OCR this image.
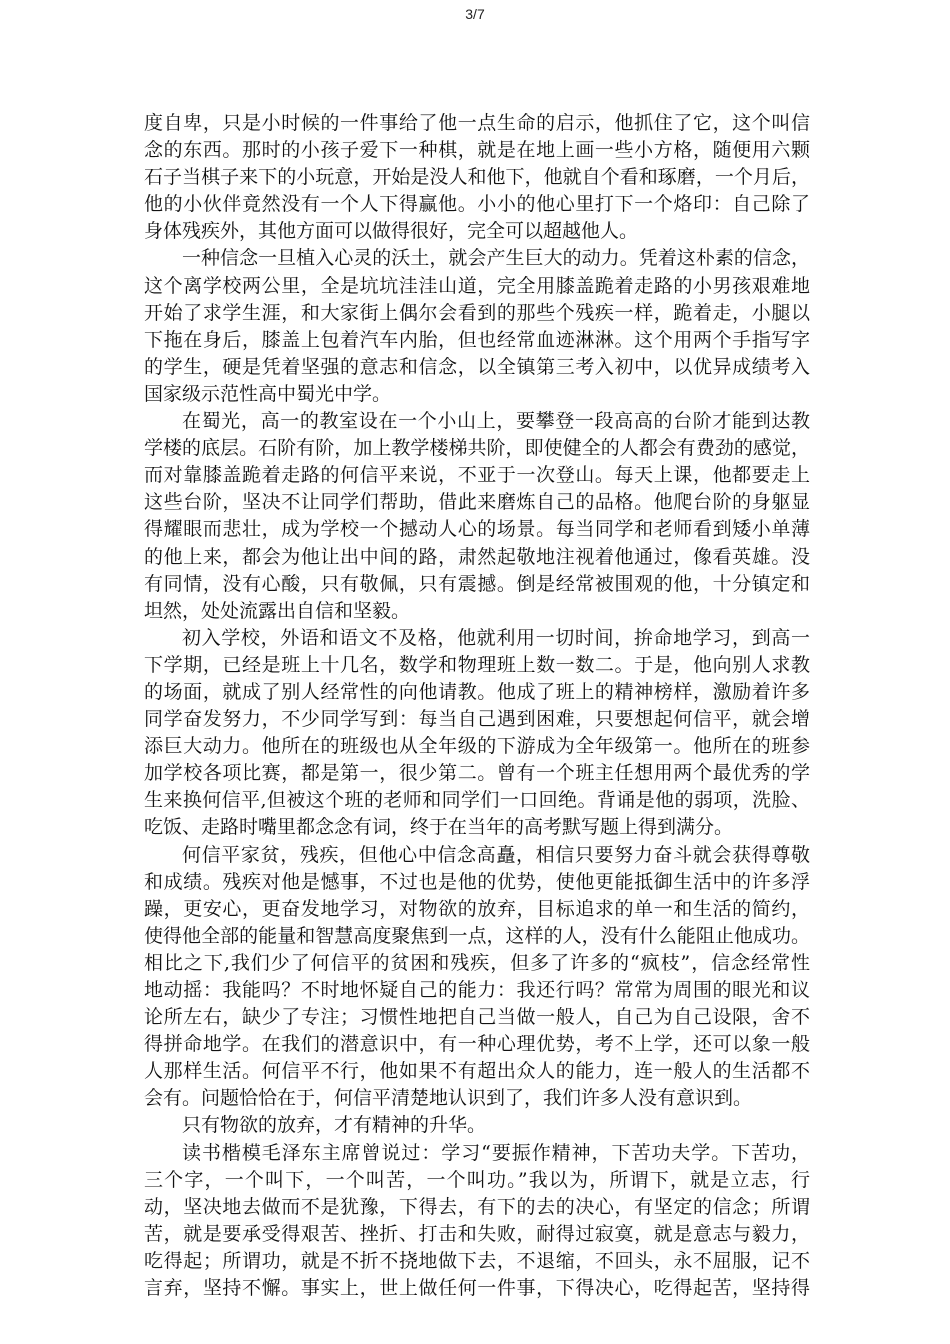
3/7
度自卑，只是小时候的一件事给了他一点生命的启示，他抓住了它，这个叫信
念的东西。那时的小孩子爱下一种棋，就是在地上画一些小方格，随便用六颗
石子当棋子来下的小玩意，开始是没人和他下，他就自个看和琢磨，一个月后，
他的小伙伴竟然没有一个人下得赢他。小小的他心里打下一个烙印：自己除了
身体残疾外，其他方面可以做得很好，完全可以超越他人。
一种信念一旦植入心灵的沃土，就会产生巨大的动力。凭着这朴素的信念，
这个离学校两公里，全是坑坑洼洼山道，完全用膝盖跪着走路的小男孩艰难地
开始了求学生涯，和大家街上偶尔会看到的那些个残疾一样，跪着走，小腿以
下拖在身后，膝盖上包着汽车内胎，但也经常血迹淋淋。这个用两个手指写字
的学生，硬是凭着坚强的意志和信念，以全镇第三考入初中，以优异成绩考入
国家级示范性高中蜀光中学。
在蜀光，高一的教室设在一个小山上，要攀登一段高高的台阶才能到达教
学楼的底层。石阶有阶，加上教学楼梯共阶，即使健全的人都会有费劲的感觉，
而对靠膝盖跪着走路的何信平来说，不亚于一次登山。每天上课，他都要走上
这些台阶，坚决不让同学们帮助，借此来磨炼自己的品格。他爬台阶的身躯显
得耀眼而悲壮，成为学校一个撼动人心的场景。每当同学和老师看到矮小单薄
的他上来，都会为他让出中间的路，肃然起敬地注视着他通过，像看英雄。没
有同情，没有心酸，只有敬佩，只有震撼。倒是经常被围观的他，十分镇定和
坦然，处处流露出自信和坚毅。
初入学校，外语和语文不及格，他就利用一切时间，拚命地学习，到高一
下学期，已经是班上十几名，数学和物理班上数一数二。于是，他向别人求教
的场面，就成了别人经常性的向他请教。他成了班上的精神榜样，激励着许多
同学奋发努力，不少同学写到：每当自己遇到困难，只要想起何信平，就会增
添巨大动力。他所在的班级也从全年级的下游成为全年级第一。他所在的班参
加学校各项比赛，都是第一，很少第二。曾有一个班主任想用两个最优秀的学
生来换何信平,但被这个班的老师和同学们一口回绝。背诵是他的弱项，洗脸、
吃饭、走路时嘴里都念念有词，终于在当年的高考默写题上得到满分。
何信平家贫，残疾，但他心中信念高矗，相信只要努力奋斗就会获得尊敬
和成绩。残疾对他是憾事，不过也是他的优势，使他更能抵御生活中的许多浮
躁，更安心，更奋发地学习，对物欲的放弃，目标追求的单一和生活的简约，
使得他全部的能量和智慧高度聚焦到一点，这样的人，没有什么能阻止他成功。
相比之下,我们少了何信平的贫困和残疾，但多了许多的“疯枝”，信念经常性
地动摇：我能吗？不时地怀疑自己的能力：我还行吗？常常为周围的眼光和议
论所左右，缺少了专注；习惯性地把自己当做一般人，自己为自己设限，舍不
得拼命地学。在我们的潜意识中，有一种心理优势，考不上学，还可以象一般
人那样生活。何信平不行，他如果不有超出众人的能力，连一般人的生活都不
会有。问题恰恰在于，何信平清楚地认识到了，我们许多人没有意识到。
只有物欲的放弃，才有精神的升华。
读书楷模毛泽东主席曾说过：学习“要振作精神，下苦功夫学。下苦功，
三个字，一个叫下，一个叫苦，一个叫功。”我以为，所谓下，就是立志，行
动，坚决地去做而不是犹豫，下得去，有下的去的决心，有坚定的信念；所谓
苦，就是要承受得艰苦、挫折、打击和失败，耐得过寂寞，就是意志与毅力，
吃得起；所谓功，就是不折不挠地做下去，不退缩，不回头，永不屈服，记不
言弃，坚持不懈。事实上，世上做任何一件事，下得决心，吃得起苦，坚持得
